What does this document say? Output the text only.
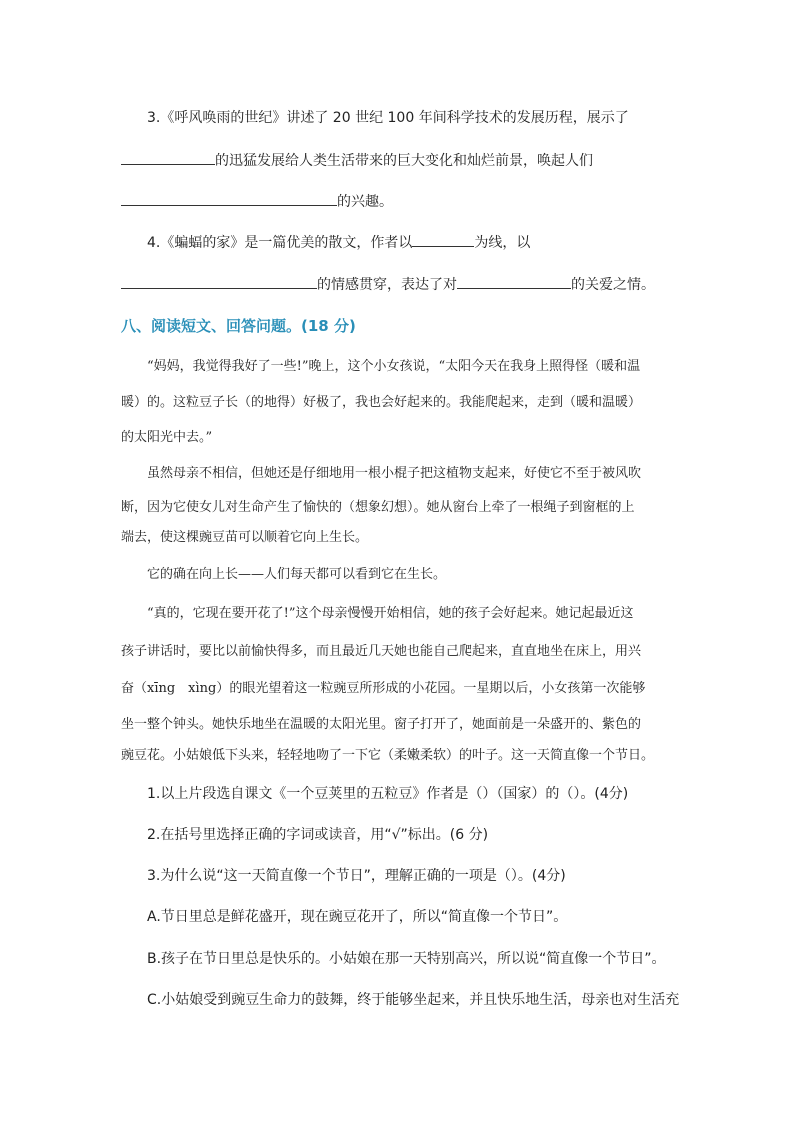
3.《呼风唤雨的世纪》讲述了 20 世纪 100 年间科学技术的发展历程，展示了
的迅猛发展给人类生活带来的巨大变化和灿烂前景，唤起人们
的兴趣。
4.《蝙蝠的家》是一篇优美的散文，作者以	为线，以
的情感贯穿，表达了对	的关爱之情。
八、阅读短文、回答问题。(18 分)
“妈妈，我觉得我好了一些!”晚上，这个小女孩说，“太阳今天在我身上照得怪（暖和温
暖）的。这粒豆子长（的地得）好极了，我也会好起来的。我能爬起来，走到（暖和温暖）
的太阳光中去。”
虽然母亲不相信，但她还是仔细地用一根小棍子把这植物支起来，好使它不至于被风吹
断，因为它使女儿对生命产生了愉快的（想象幻想）。她从窗台上牵了一根绳子到窗框的上
端去，使这棵豌豆苗可以顺着它向上生长。
它的确在向上长——人们每天都可以看到它在生长。
“真的，它现在要开花了!”这个母亲慢慢开始相信，她的孩子会好起来。她记起最近这
孩子讲话时，要比以前愉快得多，而且最近几天她也能自己爬起来，直直地坐在床上，用兴
奋（xīng　xìng）的眼光望着这一粒豌豆所形成的小花园。一星期以后，小女孩第一次能够
坐一整个钟头。她快乐地坐在温暖的太阳光里。窗子打开了，她面前是一朵盛开的、紫色的
豌豆花。小姑娘低下头来，轻轻地吻了一下它（柔嫩柔软）的叶子。这一天简直像一个节日。
1.以上片段选自课文《一个豆荚里的五粒豆》作者是（）（国家）的（）。(4分)
2.在括号里选择正确的字词或读音，用“√”标出。(6 分)
3.为什么说“这一天简直像一个节日”，理解正确的一项是（）。(4分)
A.节日里总是鲜花盛开，现在豌豆花开了，所以“简直像一个节日”。
B.孩子在节日里总是快乐的。小姑娘在那一天特别高兴，所以说“简直像一个节日”。
C.小姑娘受到豌豆生命力的鼓舞，终于能够坐起来，并且快乐地生活，母亲也对生活充
